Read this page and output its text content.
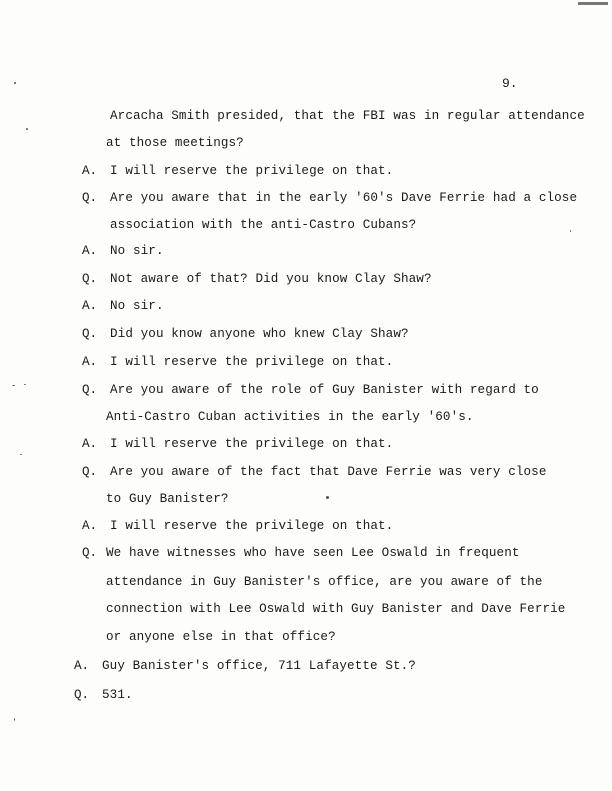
9.
Arcacha Smith presided, that the FBI was in regular attendance
at those meetings?
A. I will reserve the privilege on that.
Q. Are you aware that in the early '60's Dave Ferrie had a close
association with the anti-Castro Cubans?
A. No sir.
Q. Not aware of that? Did you know Clay Shaw?
A. No sir.
Q. Did you know anyone who knew Clay Shaw?
A. I will reserve the privilege on that.
Q. Are you aware of the role of Guy Banister with regard to
Anti-Castro Cuban activities in the early '60's.
A. I will reserve the privilege on that.
Q. Are you aware of the fact that Dave Ferrie was very close
to Guy Banister?
A. I will reserve the privilege on that.
Q. We have witnesses who have seen Lee Oswald in frequent
attendance in Guy Banister's office, are you aware of the
connection with Lee Oswald with Guy Banister and Dave Ferrie
or anyone else in that office?
A. Guy Banister's office, 711 Lafayette St.?
Q. 531.
